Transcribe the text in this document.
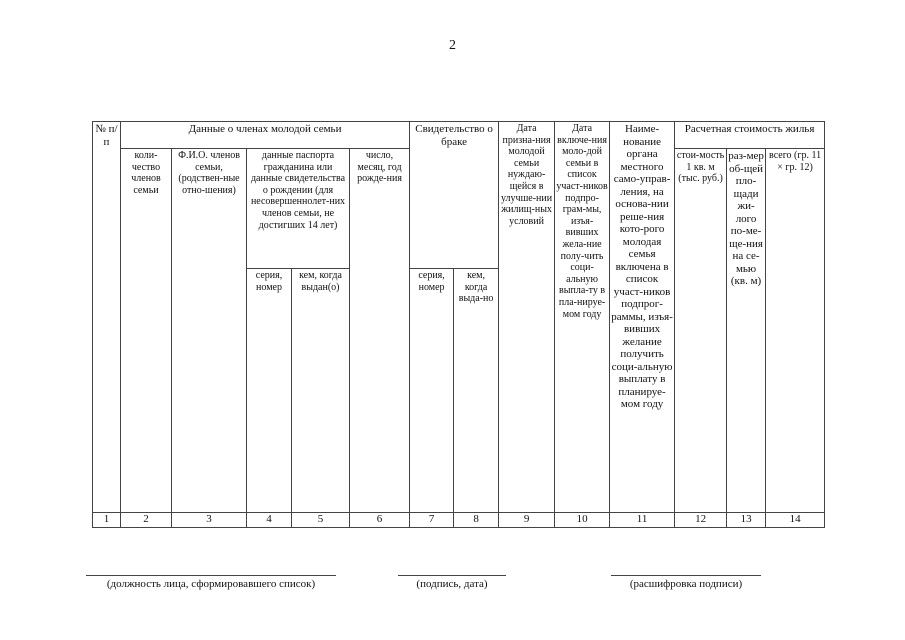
2
№ п/п	Данные о членах молодой семьи					Свидетельство о браке		Дата призна-ния молодой семьи нуждаю-щейся в улучше-нии жилищ-ных условий	Дата включе-ния моло-дой семьи в список участ-ников подпро-грам-мы, изъя-вивших желa-ние полу-чить соци-альную выпла-ту в пла-нируе-мом году	Наиме-нование органа местного само-управ-ления, на основа-нии реше-ния кото-рого молодая семья включена в список участ-ников подпрог-раммы, изъя-вивших желание получить соци-альную выплату в планируе-мом году	Расчетная стоимость жилья		
	коли-чество членов семьи	Ф.И.О. членов семьи, (родствен-ные отно-шения)	данные паспорта гражданина или данные свидетельства о рождении (для несовершеннолет-них членов семьи, не достигших 14 лет)		число, месяц, год рожде-ния						стои-мость 1 кв. м (тыс. руб.)	раз-мер об-щей пло-щади жи-лого по-ме-ще-ния на се-мью (кв. м)	всего (гр. 11 × гр. 12)
			серия, номер	кем, когда выдан(о)		серия, номер	кем, когда выда-но						
1	2	3	4	5	6	7	8	9	10	11	12	13	14
(должность лица, сформировавшего список)	(подпись, дата)	(расшифровка подписи)
